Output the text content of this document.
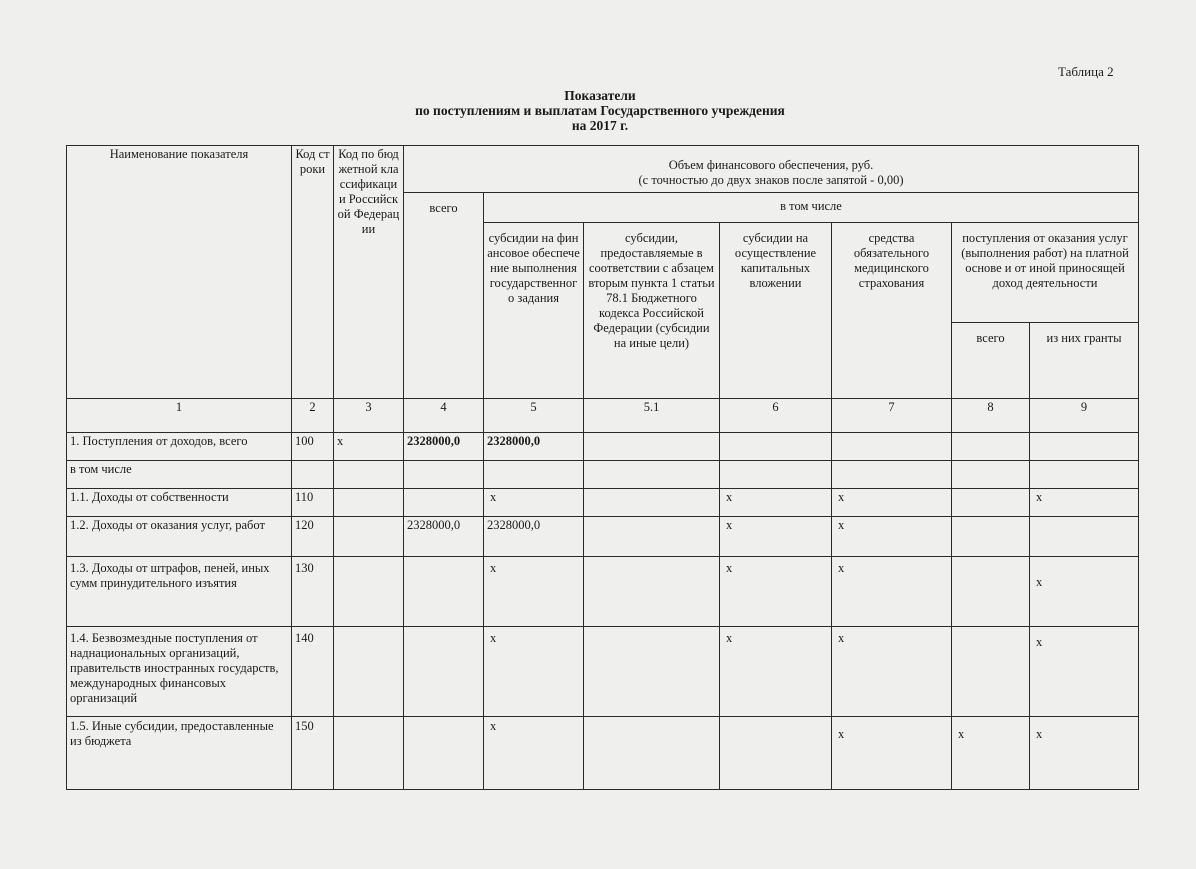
Таблица 2
Показатели
по поступлениям и выплатам Государственного учреждения
на 2017 г.
Наименование показателя	Код строки	Код по бюджетной классификации Российской Федерации	Объем финансового обеспечения, руб.
(с точностью до двух знаков после запятой - 0,00)						

			всего	в том числе					
				субсидии на финансовое обеспечение выполнения государственного задания	субсидии, предоставляемые в соответствии с абзацем вторым пункта 1 статьи 78.1 Бюджетного кодекса Российской Федерации (субсидии на иные цели)	субсидии на осуществление капитальных вложении	средства обязательного медицинского страхования	поступления от оказания услуг (выполнения работ) на платной основе и от иной приносящей доход деятельности	
								всего	из них гранты
1	2	3	4	5	5.1	6	7	8	9
1. Поступления от доходов, всего	100	x	2328000,0	2328000,0					
в том числе									
1.1. Доходы от собственности	110			x		x	x		x
1.2. Доходы от оказания услуг, работ	120		2328000,0	2328000,0		x	x		
1.3. Доходы от штрафов, пеней, иных сумм принудительного изъятия	130			x		x	x		x
1.4. Безвозмездные поступления от наднациональных организаций, правительств иностранных государств, международных финансовых организаций	140			x		x	x		x
1.5. Иные субсидии, предоставленные из бюджета	150			x			x	x	x
